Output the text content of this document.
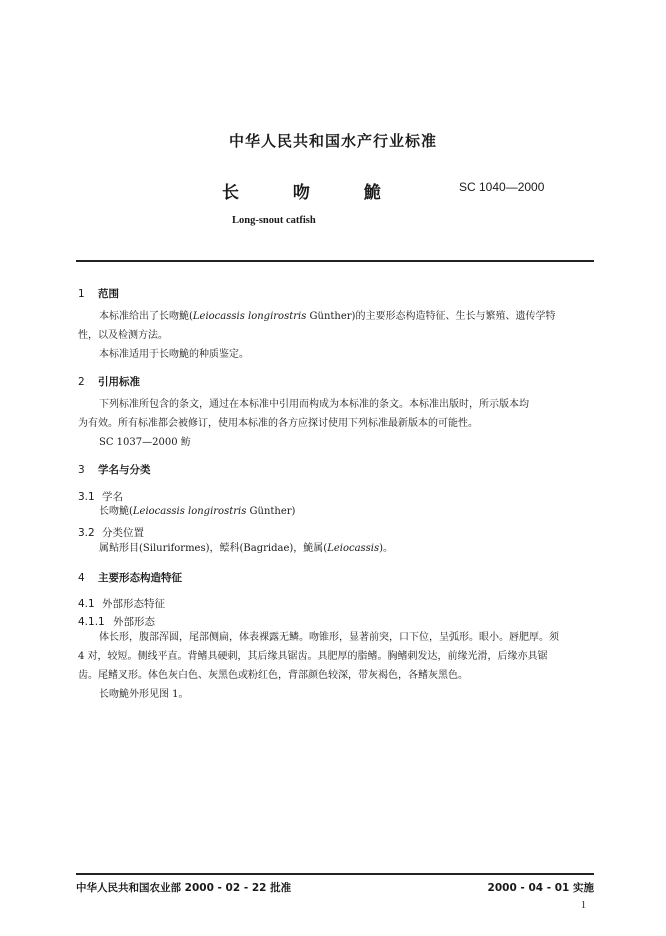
中华人民共和国水产行业标准
长 吻 鮠	SC 1040—2000
Long-snout catfish
1 范围
本标准给出了长吻鮠(Leiocassis longirostris Günther)的主要形态构造特征、生长与繁殖、遗传学特
性，以及检测方法。
本标准适用于长吻鮠的种质鉴定。
2 引用标准
下列标准所包含的条文，通过在本标准中引用而构成为本标准的条文。本标准出版时，所示版本均
为有效。所有标准都会被修订，使用本标准的各方应探讨使用下列标准最新版本的可能性。
SC 1037—2000 鲂
3 学名与分类
3.1 学名
长吻鮠(Leiocassis longirostris Günther)
3.2 分类位置
属鲇形目(Siluriformes)，鲿科(Bagridae)，鮠属(Leiocassis)。
4 主要形态构造特征
4.1 外部形态特征
4.1.1 外部形态
体长形，腹部浑圆，尾部侧扁，体表裸露无鳞。吻锥形，显著前突，口下位，呈弧形。眼小。唇肥厚。须
4 对，较短。侧线平直。背鳍具硬刺，其后缘具锯齿。具肥厚的脂鳍。胸鳍刺发达，前缘光滑，后缘亦具锯
齿。尾鳍叉形。体色灰白色、灰黑色或粉红色，背部颜色较深，带灰褐色，各鳍灰黑色。
长吻鮠外形见图 1。
中华人民共和国农业部 2000 - 02 - 22 批准	2000 - 04 - 01 实施
1
